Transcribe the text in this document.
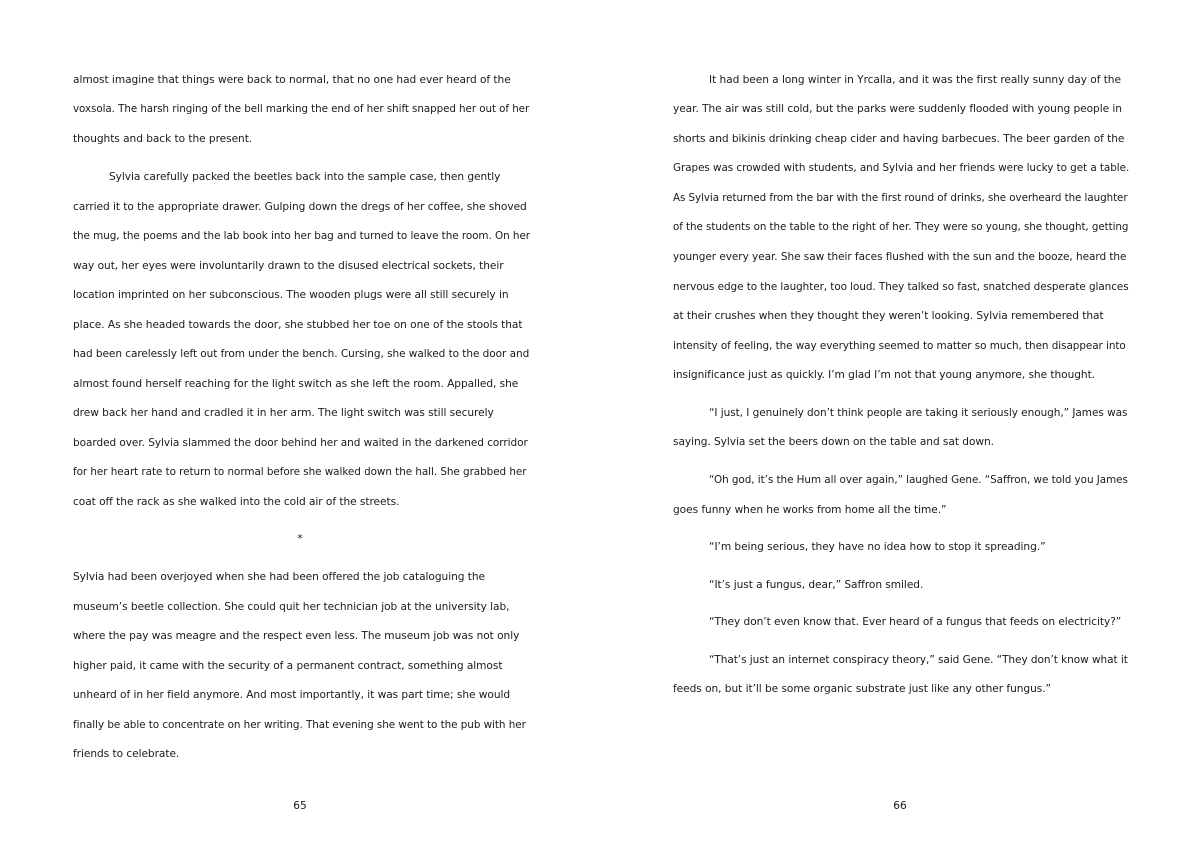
almost imagine that things were back to normal, that no one had ever heard of the
voxsola. The harsh ringing of the bell marking the end of her shift snapped her out of her
thoughts and back to the present.
Sylvia carefully packed the beetles back into the sample case, then gently
carried it to the appropriate drawer. Gulping down the dregs of her coffee, she shoved
the mug, the poems and the lab book into her bag and turned to leave the room. On her
way out, her eyes were involuntarily drawn to the disused electrical sockets, their
location imprinted on her subconscious. The wooden plugs were all still securely in
place. As she headed towards the door, she stubbed her toe on one of the stools that
had been carelessly left out from under the bench. Cursing, she walked to the door and
almost found herself reaching for the light switch as she left the room. Appalled, she
drew back her hand and cradled it in her arm. The light switch was still securely
boarded over. Sylvia slammed the door behind her and waited in the darkened corridor
for her heart rate to return to normal before she walked down the hall. She grabbed her
coat off the rack as she walked into the cold air of the streets.
*
Sylvia had been overjoyed when she had been offered the job cataloguing the
museum’s beetle collection. She could quit her technician job at the university lab,
where the pay was meagre and the respect even less. The museum job was not only
higher paid, it came with the security of a permanent contract, something almost
unheard of in her field anymore. And most importantly, it was part time; she would
finally be able to concentrate on her writing. That evening she went to the pub with her
friends to celebrate.
65
It had been a long winter in Yrcalla, and it was the first really sunny day of the
year. The air was still cold, but the parks were suddenly flooded with young people in
shorts and bikinis drinking cheap cider and having barbecues. The beer garden of the
Grapes was crowded with students, and Sylvia and her friends were lucky to get a table.
As Sylvia returned from the bar with the first round of drinks, she overheard the laughter
of the students on the table to the right of her. They were so young, she thought, getting
younger every year. She saw their faces flushed with the sun and the booze, heard the
nervous edge to the laughter, too loud. They talked so fast, snatched desperate glances
at their crushes when they thought they weren’t looking. Sylvia remembered that
intensity of feeling, the way everything seemed to matter so much, then disappear into
insignificance just as quickly. I’m glad I’m not that young anymore, she thought.
“I just, I genuinely don’t think people are taking it seriously enough,” James was
saying. Sylvia set the beers down on the table and sat down.
“Oh god, it’s the Hum all over again,” laughed Gene. “Saffron, we told you James
goes funny when he works from home all the time.”
“I’m being serious, they have no idea how to stop it spreading.”
“It’s just a fungus, dear,” Saffron smiled.
“They don’t even know that. Ever heard of a fungus that feeds on electricity?”
“That’s just an internet conspiracy theory,” said Gene. “They don’t know what it
feeds on, but it’ll be some organic substrate just like any other fungus.”
66
